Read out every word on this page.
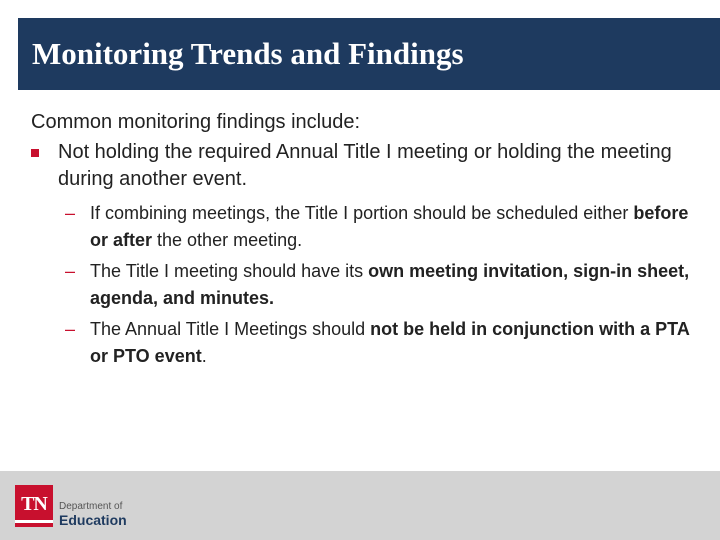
Monitoring Trends and Findings

Common monitoring findings include:

Not holding the required Annual Title I meeting or holding the meeting during another event.
– If combining meetings, the Title I portion should be scheduled either before or after the other meeting.
– The Title I meeting should have its own meeting invitation, sign-in sheet, agenda, and minutes.
– The Annual Title I Meetings should not be held in conjunction with a PTA or PTO event.
TN	Department of
Education
